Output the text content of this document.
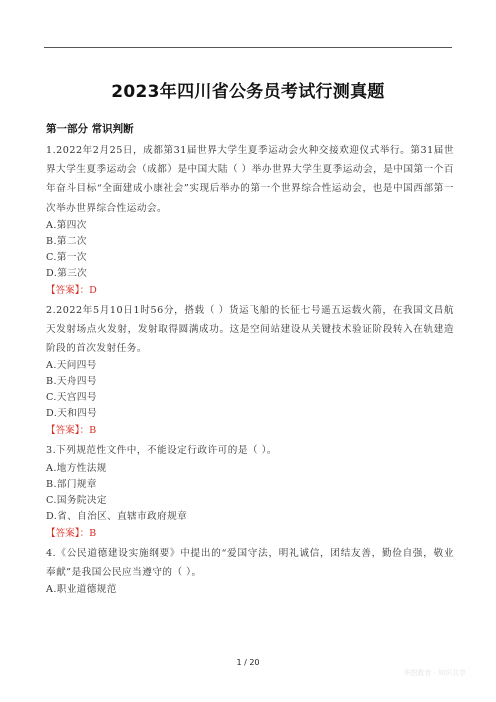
2023年四川省公务员考试行测真题
第一部分 常识判断
1.2022年2月25日，成都第31届世界大学生夏季运动会火种交接欢迎仪式举行。第31届世界大学生夏季运动会（成都）是中国大陆（ ）举办世界大学生夏季运动会，是中国第一个百年奋斗目标“全面建成小康社会”实现后举办的第一个世界综合性运动会，也是中国西部第一次举办世界综合性运动会。
A.第四次
B.第二次
C.第一次
D.第三次
【答案】：D
2.2022年5月10日1时56分，搭载（ ）货运飞船的长征七号遥五运载火箭，在我国文昌航天发射场点火发射，发射取得圆满成功。这是空间站建设从关键技术验证阶段转入在轨建造阶段的首次发射任务。
A.天问四号
B.天舟四号
C.天宫四号
D.天和四号
【答案】：B
3.下列规范性文件中，不能设定行政许可的是（ ）。
A.地方性法规
B.部门规章
C.国务院决定
D.省、自治区、直辖市政府规章
【答案】：B
4.《公民道德建设实施纲要》中提出的“爱国守法，明礼诚信，团结友善，勤俭自强，敬业奉献”是我国公民应当遵守的（ ）。
A.职业道德规范
1 / 20
华图教育 · 知识共享
